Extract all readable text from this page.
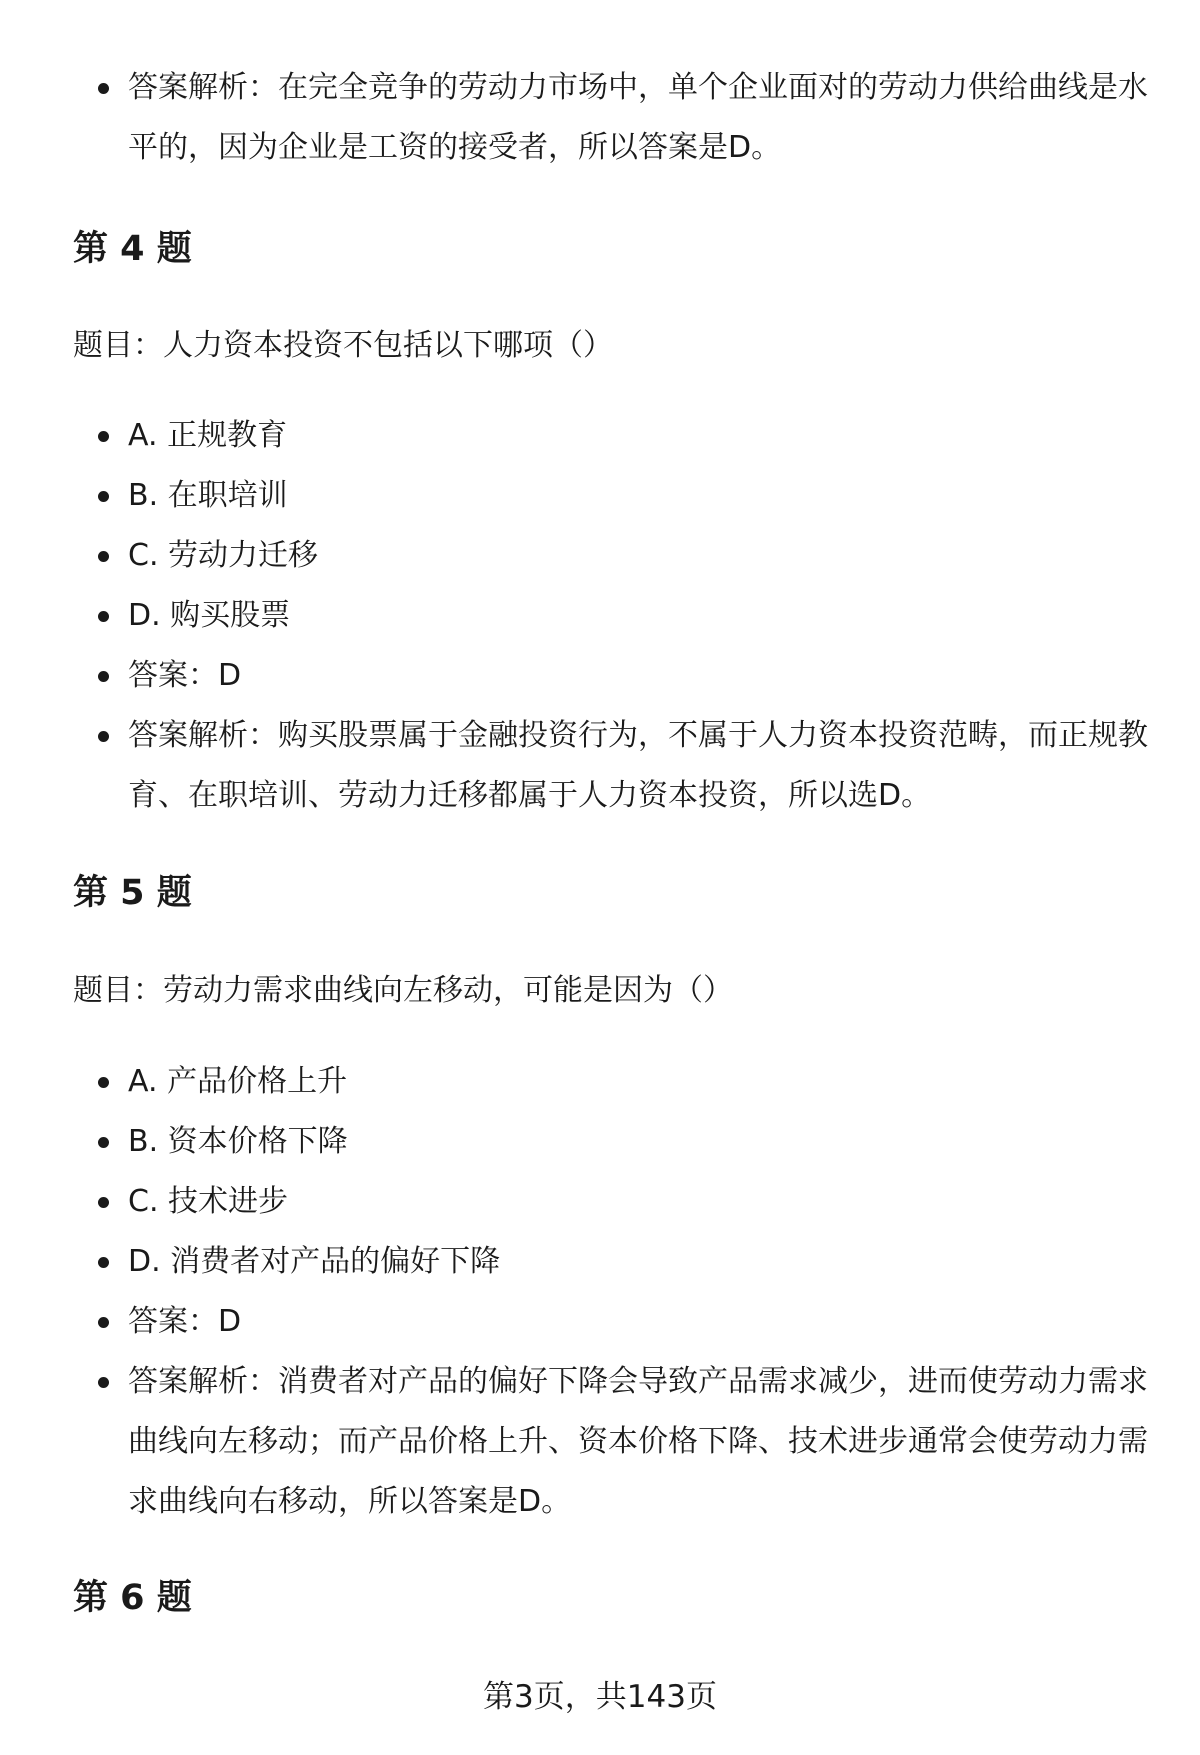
答案解析：在完全竞争的劳动力市场中，单个企业面对的劳动力供给曲线是水平的，因为企业是工资的接受者，所以答案是D。
第 4 题

题目：人力资本投资不包括以下哪项（）

A. 正规教育
B. 在职培训
C. 劳动力迁移
D. 购买股票
答案：D
答案解析：购买股票属于金融投资行为，不属于人力资本投资范畴，而正规教育、在职培训、劳动力迁移都属于人力资本投资，所以选D。
第 5 题

题目：劳动力需求曲线向左移动，可能是因为（）

A. 产品价格上升
B. 资本价格下降
C. 技术进步
D. 消费者对产品的偏好下降
答案：D
答案解析：消费者对产品的偏好下降会导致产品需求减少，进而使劳动力需求曲线向左移动；而产品价格上升、资本价格下降、技术进步通常会使劳动力需求曲线向右移动，所以答案是D。
第 6 题
第3页，共143页
